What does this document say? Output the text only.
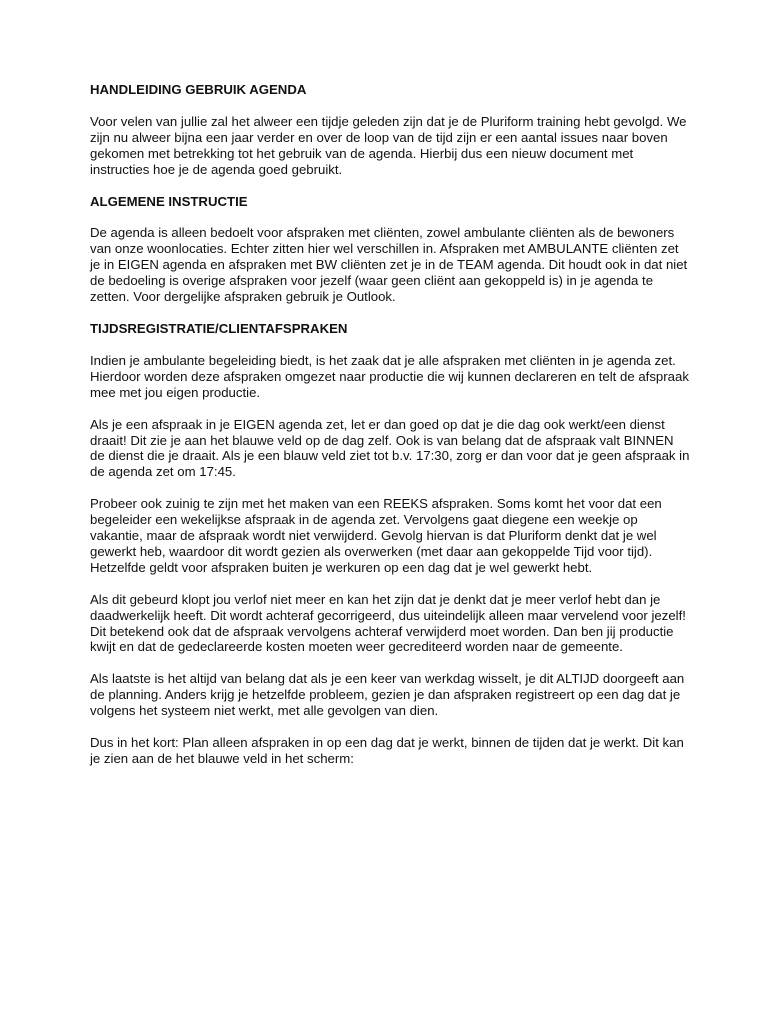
HANDLEIDING GEBRUIK AGENDA

Voor velen van jullie zal het alweer een tijdje geleden zijn dat je de Pluriform training hebt gevolgd. We zijn nu alweer bijna een jaar verder en over de loop van de tijd zijn er een aantal issues naar boven gekomen met betrekking tot het gebruik van de agenda. Hierbij dus een nieuw document met instructies hoe je de agenda goed gebruikt.

ALGEMENE INSTRUCTIE

De agenda is alleen bedoelt voor afspraken met cliënten, zowel ambulante cliënten als de bewoners van onze woonlocaties. Echter zitten hier wel verschillen in. Afspraken met AMBULANTE cliënten zet je in EIGEN agenda en afspraken met BW cliënten zet je in de TEAM agenda. Dit houdt ook in dat niet de bedoeling is overige afspraken voor jezelf (waar geen cliënt aan gekoppeld is) in je agenda te zetten. Voor dergelijke afspraken gebruik je Outlook.

TIJDSREGISTRATIE/CLIENTAFSPRAKEN

Indien je ambulante begeleiding biedt, is het zaak dat je alle afspraken met cliënten in je agenda zet. Hierdoor worden deze afspraken omgezet naar productie die wij kunnen declareren en telt de afspraak mee met jou eigen productie.

Als je een afspraak in je EIGEN agenda zet, let er dan goed op dat je die dag ook werkt/een dienst draait! Dit zie je aan het blauwe veld op de dag zelf. Ook is van belang dat de afspraak valt BINNEN de dienst die je draait. Als je een blauw veld ziet tot b.v. 17:30, zorg er dan voor dat je geen afspraak in de agenda zet om 17:45.

Probeer ook zuinig te zijn met het maken van een REEKS afspraken. Soms komt het voor dat een begeleider een wekelijkse afspraak in de agenda zet. Vervolgens gaat diegene een weekje op vakantie, maar de afspraak wordt niet verwijderd. Gevolg hiervan is dat Pluriform denkt dat je wel gewerkt heb, waardoor dit wordt gezien als overwerken (met daar aan gekoppelde Tijd voor tijd). Hetzelfde geldt voor afspraken buiten je werkuren op een dag dat je wel gewerkt hebt.

Als dit gebeurd klopt jou verlof niet meer en kan het zijn dat je denkt dat je meer verlof hebt dan je daadwerkelijk heeft. Dit wordt achteraf gecorrigeerd, dus uiteindelijk alleen maar vervelend voor jezelf! Dit betekend ook dat de afspraak vervolgens achteraf verwijderd moet worden. Dan ben jij productie kwijt en dat de gedeclareerde kosten moeten weer gecrediteerd worden naar de gemeente.

Als laatste is het altijd van belang dat als je een keer van werkdag wisselt, je dit ALTIJD doorgeeft aan de planning. Anders krijg je hetzelfde probleem, gezien je dan afspraken registreert op een dag dat je volgens het systeem niet werkt, met alle gevolgen van dien.

Dus in het kort: Plan alleen afspraken in op een dag dat je werkt, binnen de tijden dat je werkt. Dit kan je zien aan de het blauwe veld in het scherm:
